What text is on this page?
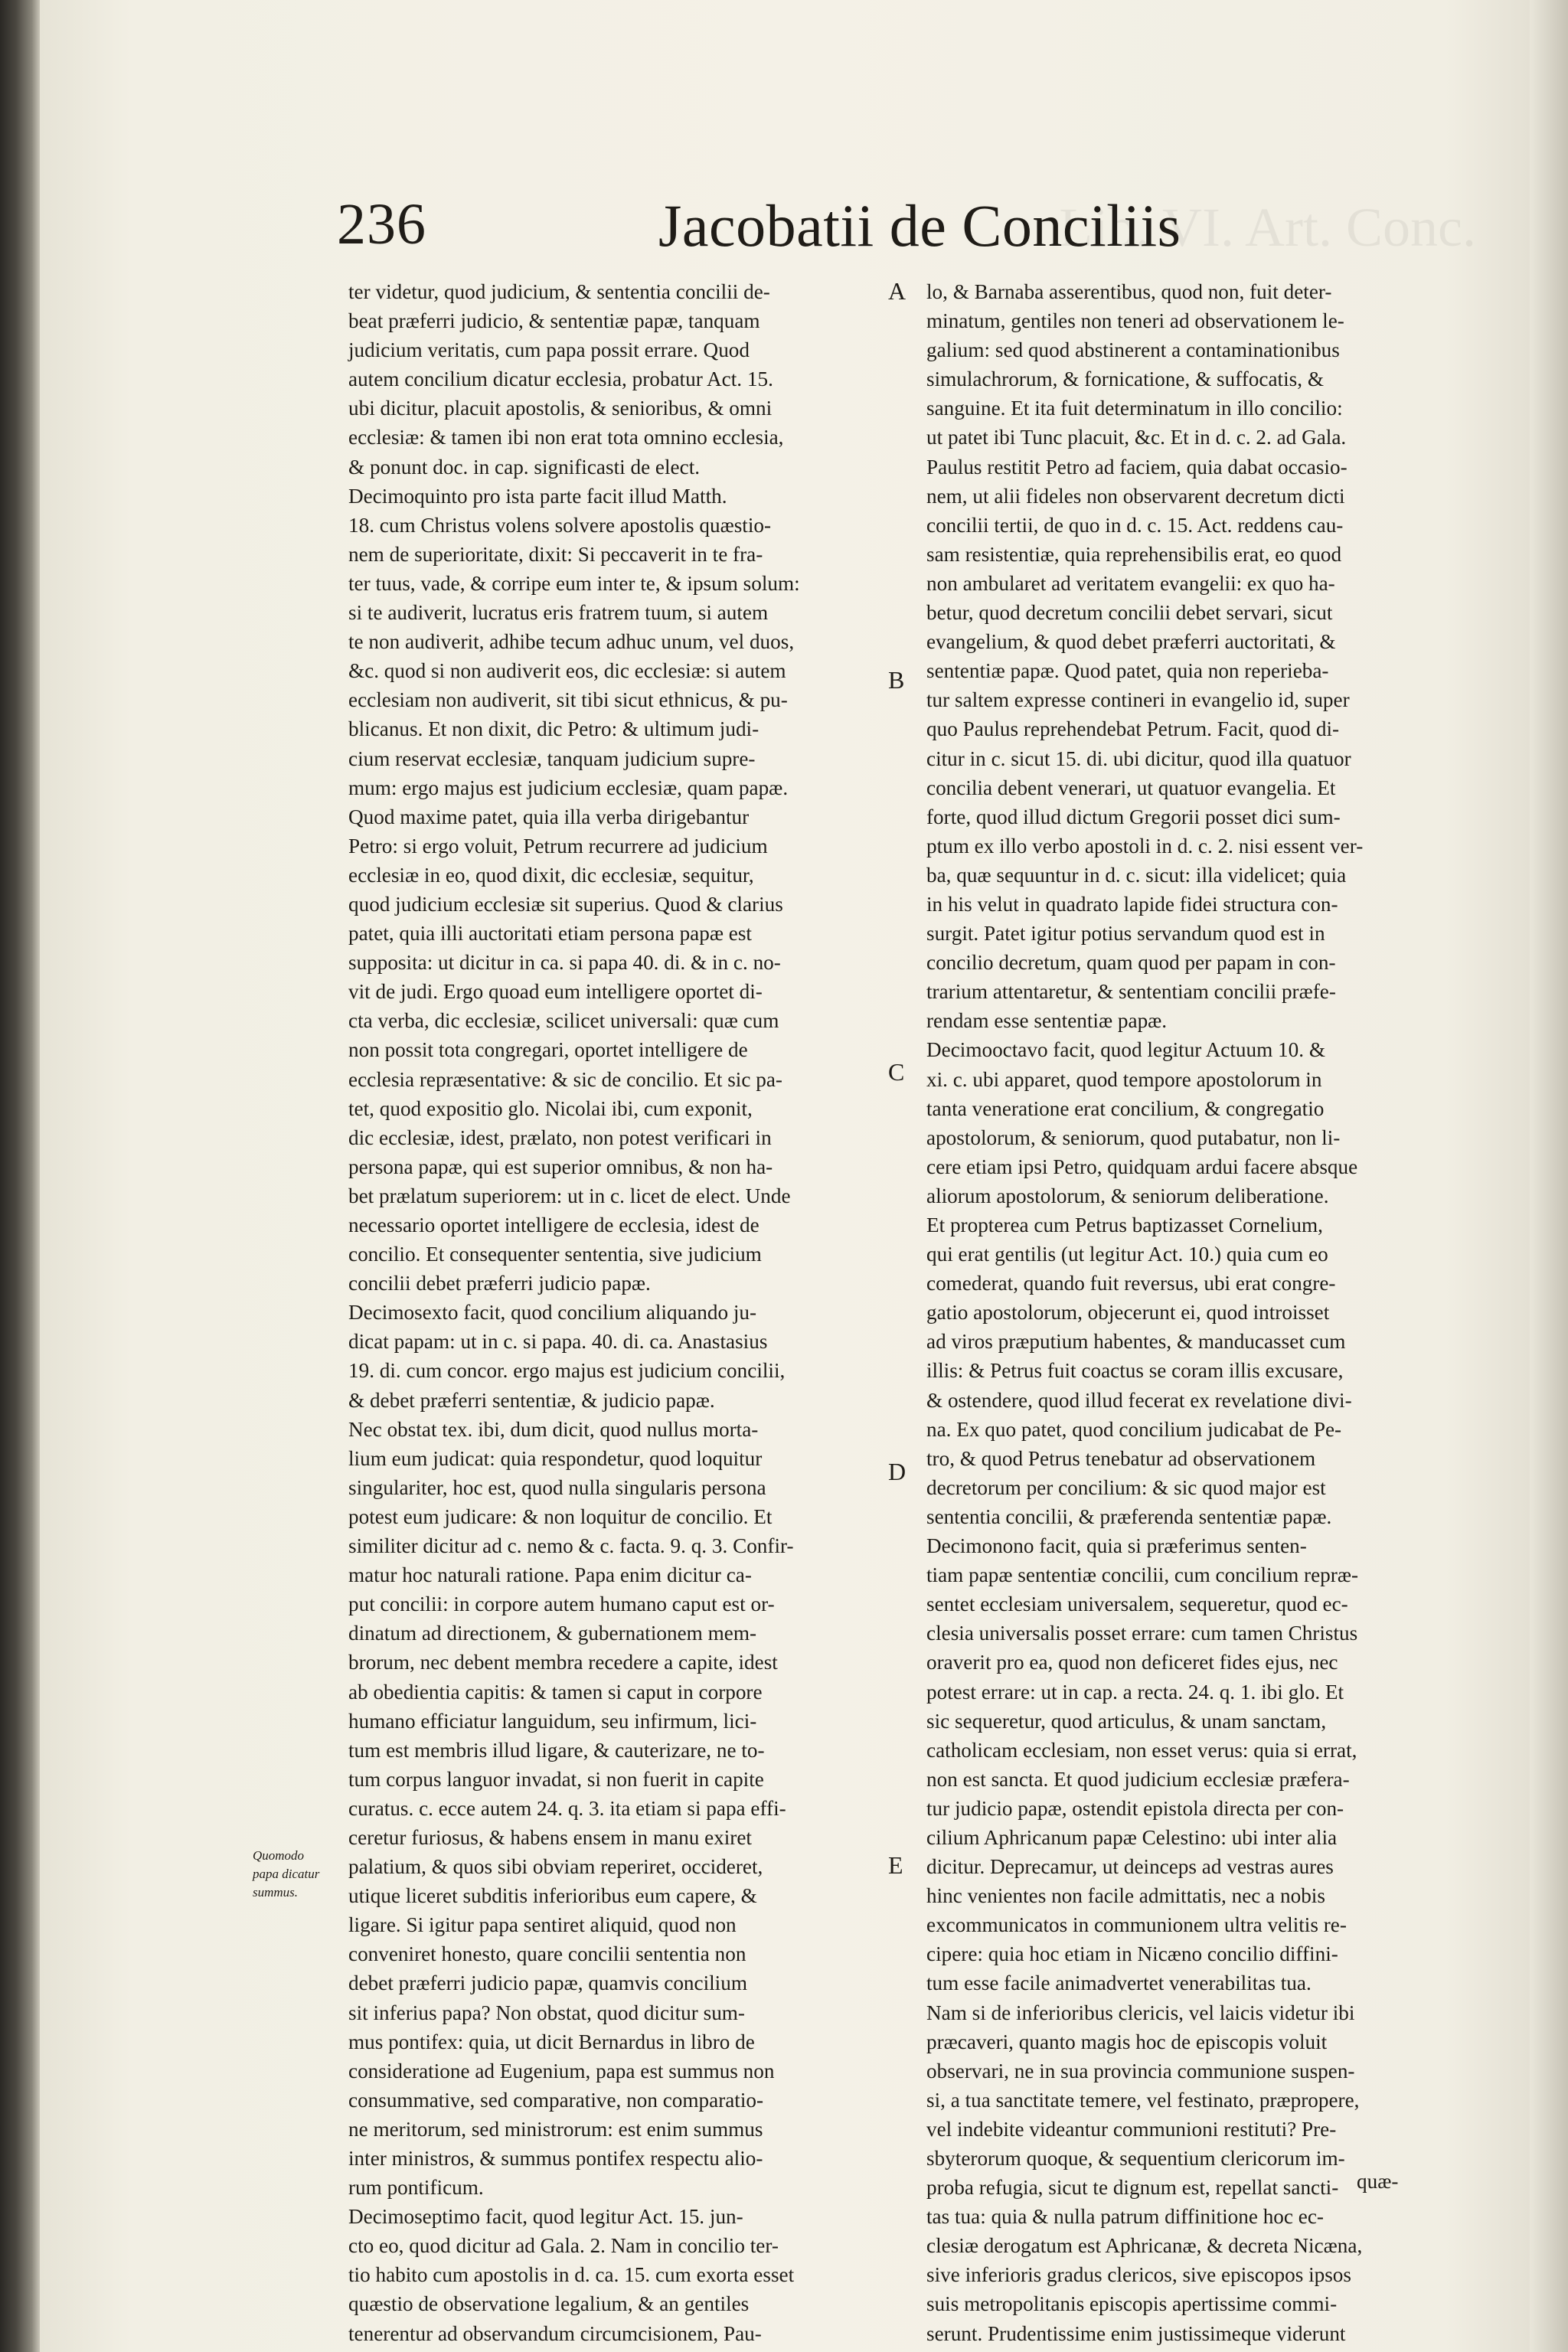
236	Jacobatii de Conciliis
Lib. VI. Art. Conc.
ter videtur, quod judicium, & sententia concilii de-
beat præferri judicio, & sententiæ papæ, tanquam
judicium veritatis, cum papa possit errare. Quod
autem concilium dicatur ecclesia, probatur Act. 15.
ubi dicitur, placuit apostolis, & senioribus, & omni
ecclesiæ: & tamen ibi non erat tota omnino ecclesia,
& ponunt doc. in cap. significasti de elect.
Decimoquinto pro ista parte facit illud Matth.
18. cum Christus volens solvere apostolis quæstio-
nem de superioritate, dixit: Si peccaverit in te fra-
ter tuus, vade, & corripe eum inter te, & ipsum solum:
si te audiverit, lucratus eris fratrem tuum, si autem
te non audiverit, adhibe tecum adhuc unum, vel duos,
&c. quod si non audiverit eos, dic ecclesiæ: si autem
ecclesiam non audiverit, sit tibi sicut ethnicus, & pu-
blicanus. Et non dixit, dic Petro: & ultimum judi-
cium reservat ecclesiæ, tanquam judicium supre-
mum: ergo majus est judicium ecclesiæ, quam papæ.
Quod maxime patet, quia illa verba dirigebantur
Petro: si ergo voluit, Petrum recurrere ad judicium
ecclesiæ in eo, quod dixit, dic ecclesiæ, sequitur,
quod judicium ecclesiæ sit superius. Quod & clarius
patet, quia illi auctoritati etiam persona papæ est
supposita: ut dicitur in ca. si papa 40. di. & in c. no-
vit de judi. Ergo quoad eum intelligere oportet di-
cta verba, dic ecclesiæ, scilicet universali: quæ cum
non possit tota congregari, oportet intelligere de
ecclesia repræsentative: & sic de concilio. Et sic pa-
tet, quod expositio glo. Nicolai ibi, cum exponit,
dic ecclesiæ, idest, prælato, non potest verificari in
persona papæ, qui est superior omnibus, & non ha-
bet prælatum superiorem: ut in c. licet de elect. Unde
necessario oportet intelligere de ecclesia, idest de
concilio. Et consequenter sententia, sive judicium
concilii debet præferri judicio papæ.
Decimosexto facit, quod concilium aliquando ju-
dicat papam: ut in c. si papa. 40. di. ca. Anastasius
19. di. cum concor. ergo majus est judicium concilii,
& debet præferri sententiæ, & judicio papæ.
Nec obstat tex. ibi, dum dicit, quod nullus morta-
lium eum judicat: quia respondetur, quod loquitur
singulariter, hoc est, quod nulla singularis persona
potest eum judicare: & non loquitur de concilio. Et
similiter dicitur ad c. nemo & c. facta. 9. q. 3. Confir-
matur hoc naturali ratione. Papa enim dicitur ca-
put concilii: in corpore autem humano caput est or-
dinatum ad directionem, & gubernationem mem-
brorum, nec debent membra recedere a capite, idest
ab obedientia capitis: & tamen si caput in corpore
humano efficiatur languidum, seu infirmum, lici-
tum est membris illud ligare, & cauterizare, ne to-
tum corpus languor invadat, si non fuerit in capite
curatus. c. ecce autem 24. q. 3. ita etiam si papa effi-
ceretur furiosus, & habens ensem in manu exiret
palatium, & quos sibi obviam reperiret, occideret,
utique liceret subditis inferioribus eum capere, &
ligare. Si igitur papa sentiret aliquid, quod non
conveniret honesto, quare concilii sententia non
debet præferri judicio papæ, quamvis concilium
sit inferius papa? Non obstat, quod dicitur sum-
mus pontifex: quia, ut dicit Bernardus in libro de
consideratione ad Eugenium, papa est summus non
consummative, sed comparative, non comparatio-
ne meritorum, sed ministrorum: est enim summus
inter ministros, & summus pontifex respectu alio-
rum pontificum.
Decimoseptimo facit, quod legitur Act. 15. jun-
cto eo, quod dicitur ad Gala. 2. Nam in concilio ter-
tio habito cum apostolis in d. ca. 15. cum exorta esset
quæstio de observatione legalium, & an gentiles
tenerentur ad observandum circumcisionem, Pau-
lo, & Barnaba asserentibus, quod non, fuit deter-
minatum, gentiles non teneri ad observationem le-
galium: sed quod abstinerent a contaminationibus
simulachrorum, & fornicatione, & suffocatis, &
sanguine. Et ita fuit determinatum in illo concilio:
ut patet ibi Tunc placuit, &c. Et in d. c. 2. ad Gala.
Paulus restitit Petro ad faciem, quia dabat occasio-
nem, ut alii fideles non observarent decretum dicti
concilii tertii, de quo in d. c. 15. Act. reddens cau-
sam resistentiæ, quia reprehensibilis erat, eo quod
non ambularet ad veritatem evangelii: ex quo ha-
betur, quod decretum concilii debet servari, sicut
evangelium, & quod debet præferri auctoritati, &
sententiæ papæ. Quod patet, quia non reperieba-
tur saltem expresse contineri in evangelio id, super
quo Paulus reprehendebat Petrum. Facit, quod di-
citur in c. sicut 15. di. ubi dicitur, quod illa quatuor
concilia debent venerari, ut quatuor evangelia. Et
forte, quod illud dictum Gregorii posset dici sum-
ptum ex illo verbo apostoli in d. c. 2. nisi essent ver-
ba, quæ sequuntur in d. c. sicut: illa videlicet; quia
in his velut in quadrato lapide fidei structura con-
surgit. Patet igitur potius servandum quod est in
concilio decretum, quam quod per papam in con-
trarium attentaretur, & sententiam concilii præfe-
rendam esse sententiæ papæ.
Decimooctavo facit, quod legitur Actuum 10. &
xi. c. ubi apparet, quod tempore apostolorum in
tanta veneratione erat concilium, & congregatio
apostolorum, & seniorum, quod putabatur, non li-
cere etiam ipsi Petro, quidquam ardui facere absque
aliorum apostolorum, & seniorum deliberatione.
Et propterea cum Petrus baptizasset Cornelium,
qui erat gentilis (ut legitur Act. 10.) quia cum eo
comederat, quando fuit reversus, ubi erat congre-
gatio apostolorum, objecerunt ei, quod introisset
ad viros præputium habentes, & manducasset cum
illis: & Petrus fuit coactus se coram illis excusare,
& ostendere, quod illud fecerat ex revelatione divi-
na. Ex quo patet, quod concilium judicabat de Pe-
tro, & quod Petrus tenebatur ad observationem
decretorum per concilium: & sic quod major est
sententia concilii, & præferenda sententiæ papæ.
Decimonono facit, quia si præferimus senten-
tiam papæ sententiæ concilii, cum concilium repræ-
sentet ecclesiam universalem, sequeretur, quod ec-
clesia universalis posset errare: cum tamen Christus
oraverit pro ea, quod non deficeret fides ejus, nec
potest errare: ut in cap. a recta. 24. q. 1. ibi glo. Et
sic sequeretur, quod articulus, & unam sanctam,
catholicam ecclesiam, non esset verus: quia si errat,
non est sancta. Et quod judicium ecclesiæ præfera-
tur judicio papæ, ostendit epistola directa per con-
cilium Aphricanum papæ Celestino: ubi inter alia
dicitur. Deprecamur, ut deinceps ad vestras aures
hinc venientes non facile admittatis, nec a nobis
excommunicatos in communionem ultra velitis re-
cipere: quia hoc etiam in Nicæno concilio diffini-
tum esse facile animadvertet venerabilitas tua.
Nam si de inferioribus clericis, vel laicis videtur ibi
præcaveri, quanto magis hoc de episcopis voluit
observari, ne in sua provincia communione suspen-
si, a tua sanctitate temere, vel festinato, præpropere,
vel indebite videantur communioni restituti? Pre-
sbyterorum quoque, & sequentium clericorum im-
proba refugia, sicut te dignum est, repellat sancti-
tas tua: quia & nulla patrum diffinitione hoc ec-
clesiæ derogatum est Aphricanæ, & decreta Nicæna,
sive inferioris gradus clericos, sive episcopos ipsos
suis metropolitanis episcopis apertissime commi-
serunt. Prudentissime enim justissimeque viderunt
A
B
C
D
E
Quomodo
papa dicatur
summus.
quæ-
